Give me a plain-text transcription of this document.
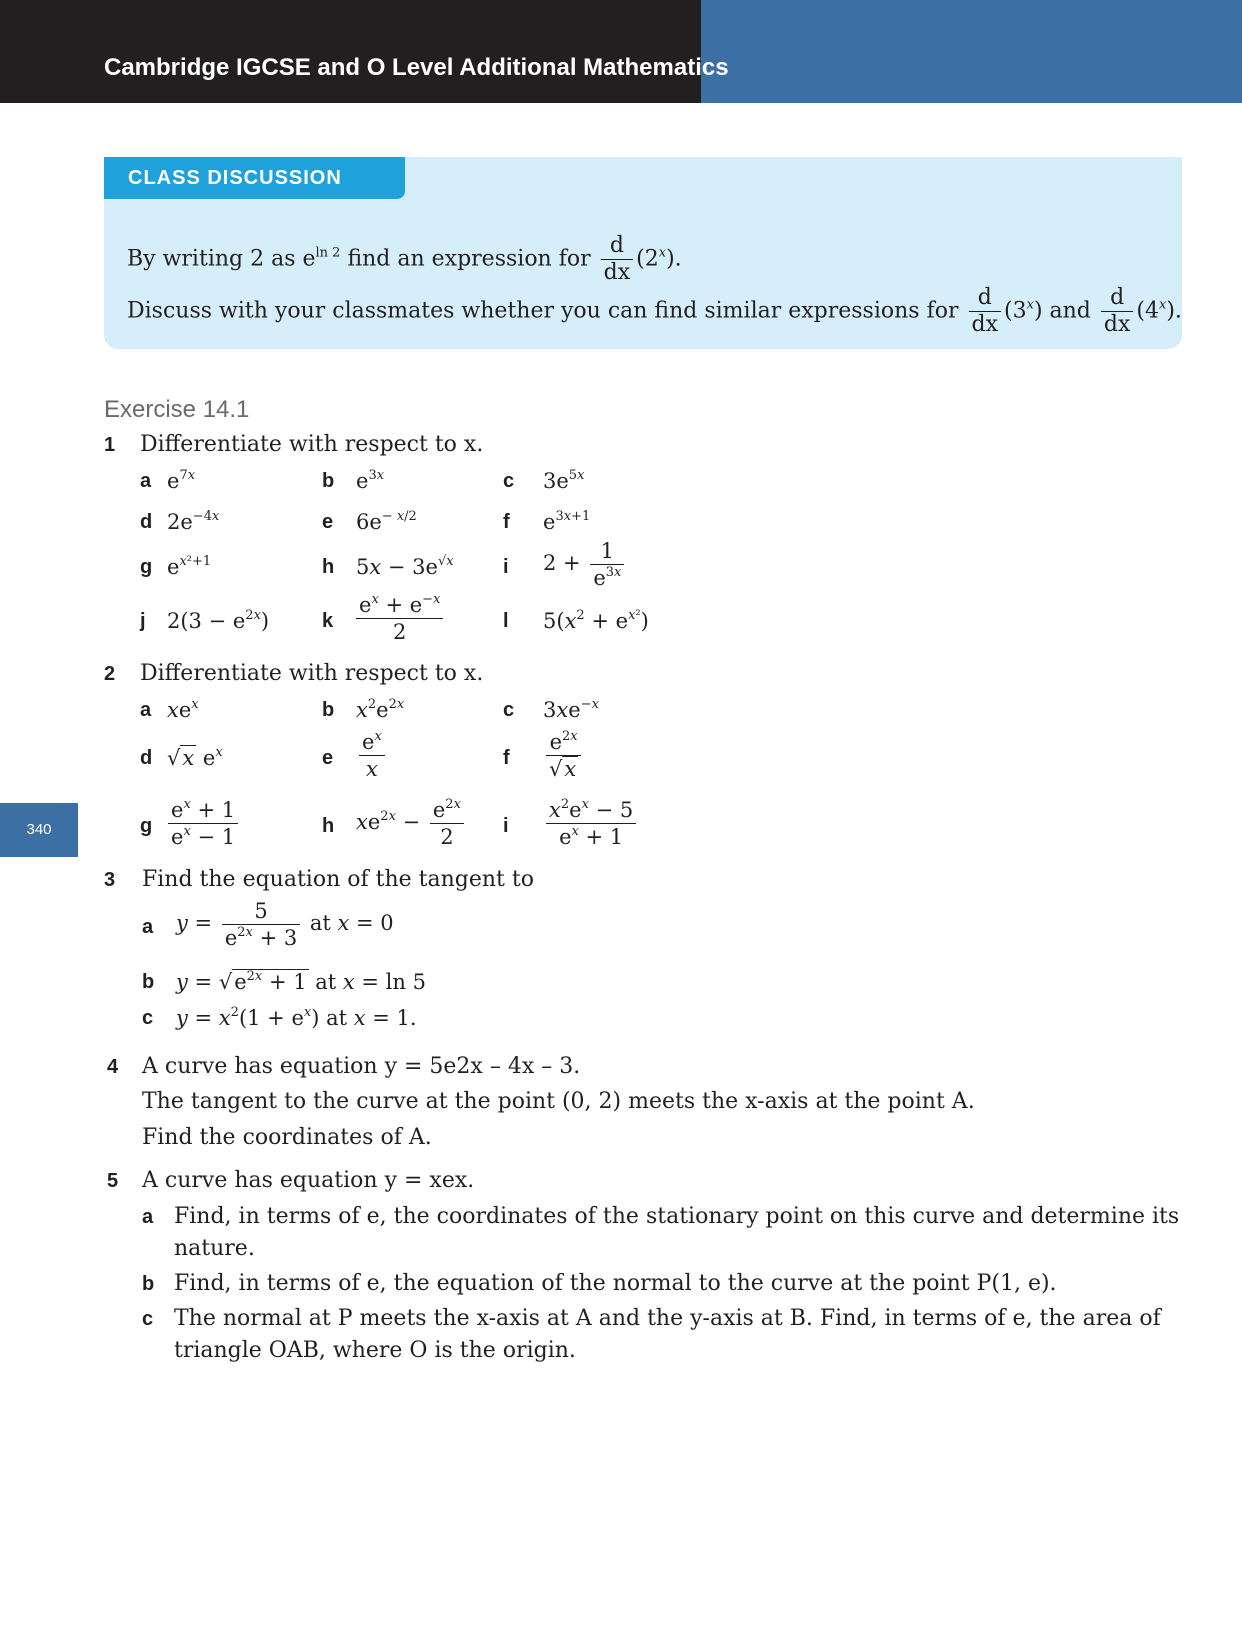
Cambridge IGCSE and O Level Additional Mathematics
CLASS DISCUSSION
By writing 2 as $e^{ln 2}$ find an expression for $\frac{d}{dx} (2^x)$.
Discuss with your classmates whether you can find similar expressions for $\frac{d}{dx} (3^x)$ and $\frac{d}{dx} (4^x)$.
Exercise 14.1
1 Differentiate with respect to x.
a $e^{7x}$	b $e^{3x}$	c $3e^{5x}$
d $2e^{-4x}$	e $6e^{- x/2}$	f $e^{3x+1}$
g $e^{x^2+1}$	h $5x - 3e^{√x}$ i $2 + \frac{1}{e^{3x}}$
j $2(3 - e^{2x})$	k $\frac{e^x + e^{-x}}{2}$	l $5(x^2 + e^{x^2})$
2 Differentiate with respect to x.
a $xe^x$	b $x^2e^{2x}$	c $3xe^{-x}$
d √x $e^x$	e $\frac{e^x}{x}$	f $\frac{e^{2x}}{√x}$
g $\frac{e^x + 1}{e^x - 1}$	h $xe^{2x} - \frac{e^{2x}}{2}$ i $\frac{x^2e^x - 5}{e^x + 1}$
340
3 Find the equation of the tangent to
a $y = \frac{5}{e^{2x} + 3}$ at x = 0
b $y = √e^{2x} + 1$ at x = ln 5
c $y = x^2(1 + e^x)$ at x = 1.
4 A curve has equation y = 5e2x – 4x – 3.
The tangent to the curve at the point (0, 2) meets the x-axis at the point A.
Find the coordinates of A.
5 A curve has equation y = xex.
a Find, in terms of e, the coordinates of the stationary point on this curve and determine its
nature.
b Find, in terms of e, the equation of the normal to the curve at the point P(1, e).
c The normal at P meets the x-axis at A and the y-axis at B. Find, in terms of e, the area of
triangle OAB, where O is the origin.
